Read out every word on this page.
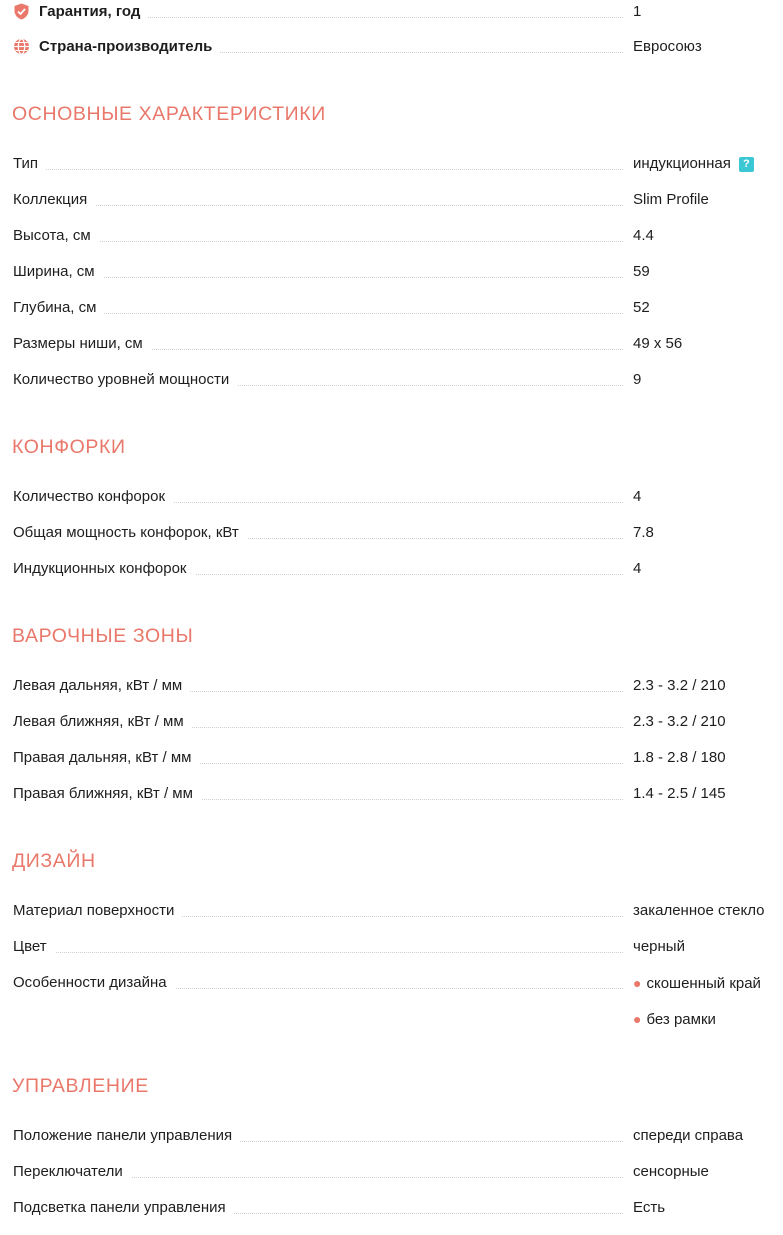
Гарантия, год	1
Страна-производитель	Евросоюз
ОСНОВНЫЕ ХАРАКТЕРИСТИКИ
Тип	индукционная ?
Коллекция	Slim Profile
Высота, см	4.4
Ширина, см	59
Глубина, см	52
Размеры ниши, см	49 x 56
Количество уровней мощности	9
КОНФОРКИ
Количество конфорок	4
Общая мощность конфорок, кВт	7.8
Индукционных конфорок	4
ВАРОЧНЫЕ ЗОНЫ
Левая дальняя, кВт / мм	2.3 - 3.2 / 210
Левая ближняя, кВт / мм	2.3 - 3.2 / 210
Правая дальняя, кВт / мм	1.8 - 2.8 / 180
Правая ближняя, кВт / мм	1.4 - 2.5 / 145
ДИЗАЙН
Материал поверхности	закаленное стекло
Цвет	черный
Особенности дизайна	● скошенный край
● без рамки
УПРАВЛЕНИЕ
Положение панели управления	спереди справа
Переключатели	сенсорные
Подсветка панели управления	Есть
